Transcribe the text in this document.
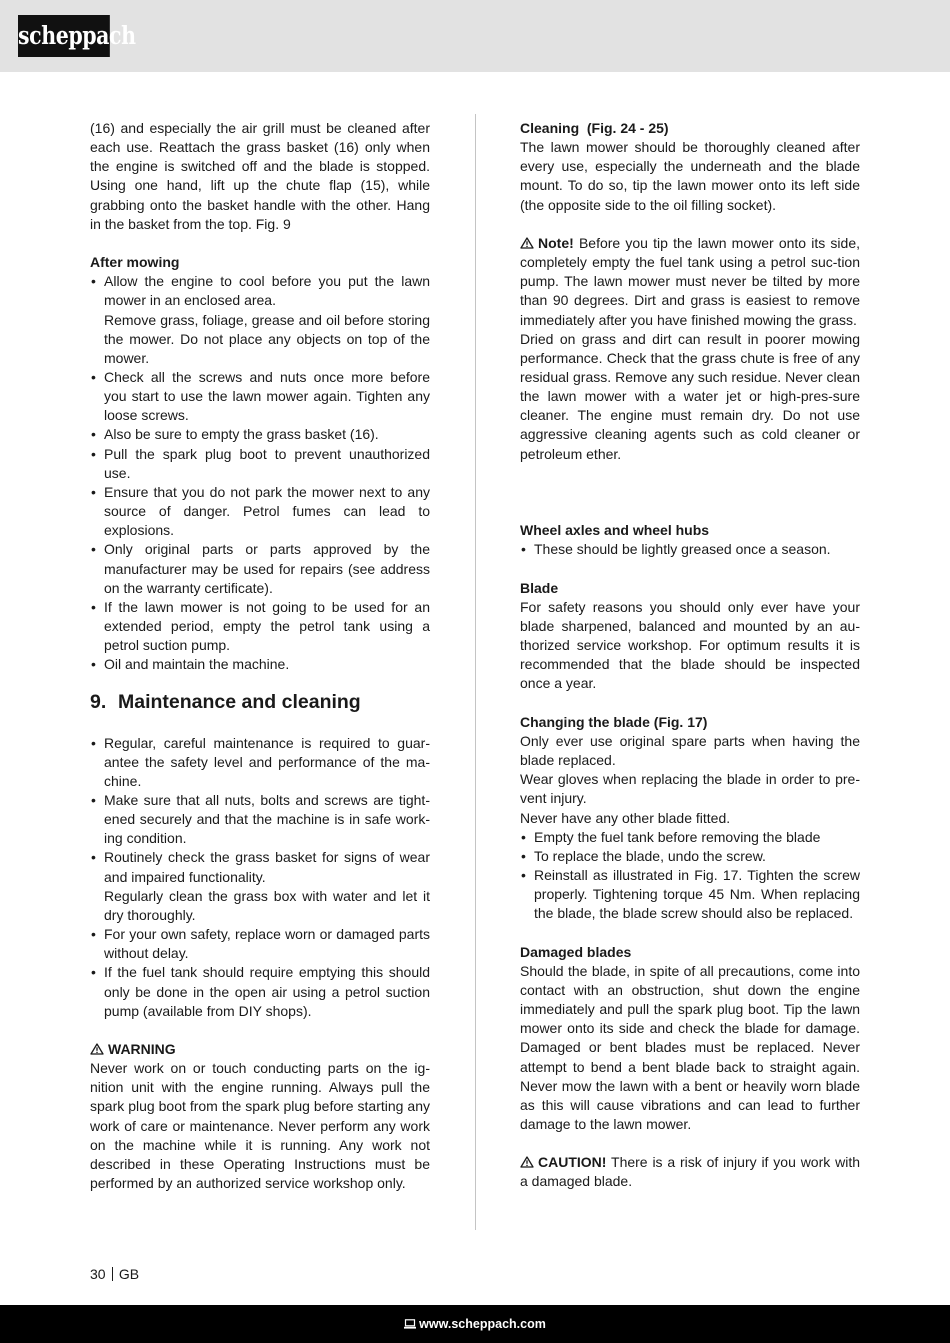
scheppach

(16) and especially the air grill must be cleaned after each use. Reattach the grass basket (16) only when the engine is switched off and the blade is stopped. Using one hand, lift up the chute flap (15), while grabbing onto the basket handle with the other. Hang in the basket from the top. Fig. 9

After mowing

• Allow the engine to cool before you put the lawn mower in an enclosed area.
Remove grass, foliage, grease and oil before storing the mower. Do not place any objects on top of the mower.
• Check all the screws and nuts once more before you start to use the lawn mower again. Tighten any loose screws.
• Also be sure to empty the grass basket (16).
• Pull the spark plug boot to prevent unauthorized use.
• Ensure that you do not park the mower next to any source of danger. Petrol fumes can lead to explosions.
• Only original parts or parts approved by the manufacturer may be used for repairs (see address on the warranty certificate).
• If the lawn mower is not going to be used for an extended period, empty the petrol tank using a petrol suction pump.
• Oil and maintain the machine.
9. Maintenance and cleaning
• Regular, careful maintenance is required to guar-antee the safety level and performance of the ma-chine.
• Make sure that all nuts, bolts and screws are tight-ened securely and that the machine is in safe work-ing condition.
• Routinely check the grass basket for signs of wear and impaired functionality.
Regularly clean the grass box with water and let it dry thoroughly.
• For your own safety, replace worn or damaged parts without delay.
• If the fuel tank should require emptying this should only be done in the open air using a petrol suction pump (available from DIY shops).

WARNING

Never work on or touch conducting parts on the ig-nition unit with the engine running. Always pull the spark plug boot from the spark plug before starting any work of care or maintenance. Never perform any work on the machine while it is running. Any work not described in these Operating Instructions must be performed by an authorized service workshop only.

Cleaning  (Fig. 24 - 25)

The lawn mower should be thoroughly cleaned after every use, especially the underneath and the blade mount. To do so, tip the lawn mower onto its left side (the opposite side to the oil filling socket).

Note! Before you tip the lawn mower onto its side, completely empty the fuel tank using a petrol suc-tion pump. The lawn mower must never be tilted by more than 90 degrees. Dirt and grass is easiest to remove immediately after you have finished mowing the grass.

Dried on grass and dirt can result in poorer mowing performance. Check that the grass chute is free of any residual grass. Remove any such residue. Never clean the lawn mower with a water jet or high-pres-sure cleaner. The engine must remain dry. Do not use aggressive cleaning agents such as cold cleaner or petroleum ether.

Wheel axles and wheel hubs

• These should be lightly greased once a season.

Blade

For safety reasons you should only ever have your blade sharpened, balanced and mounted by an au-thorized service workshop. For optimum results it is recommended that the blade should be inspected once a year.

Changing the blade (Fig. 17)

Only ever use original spare parts when having the blade replaced.

Wear gloves when replacing the blade in order to pre-vent injury.

Never have any other blade fitted.

• Empty the fuel tank before removing the blade
• To replace the blade, undo the screw.
• Reinstall as illustrated in Fig. 17. Tighten the screw properly. Tightening torque 45 Nm. When replacing the blade, the blade screw should also be replaced.

Damaged blades

Should the blade, in spite of all precautions, come into contact with an obstruction, shut down the engine immediately and pull the spark plug boot. Tip the lawn mower onto its side and check the blade for damage. Damaged or bent blades must be replaced. Never attempt to bend a bent blade back to straight again. Never mow the lawn with a bent or heavily worn blade as this will cause vibrations and can lead to further damage to the lawn mower.

CAUTION! There is a risk of injury if you work with a damaged blade.

30 GB
www.scheppach.com
